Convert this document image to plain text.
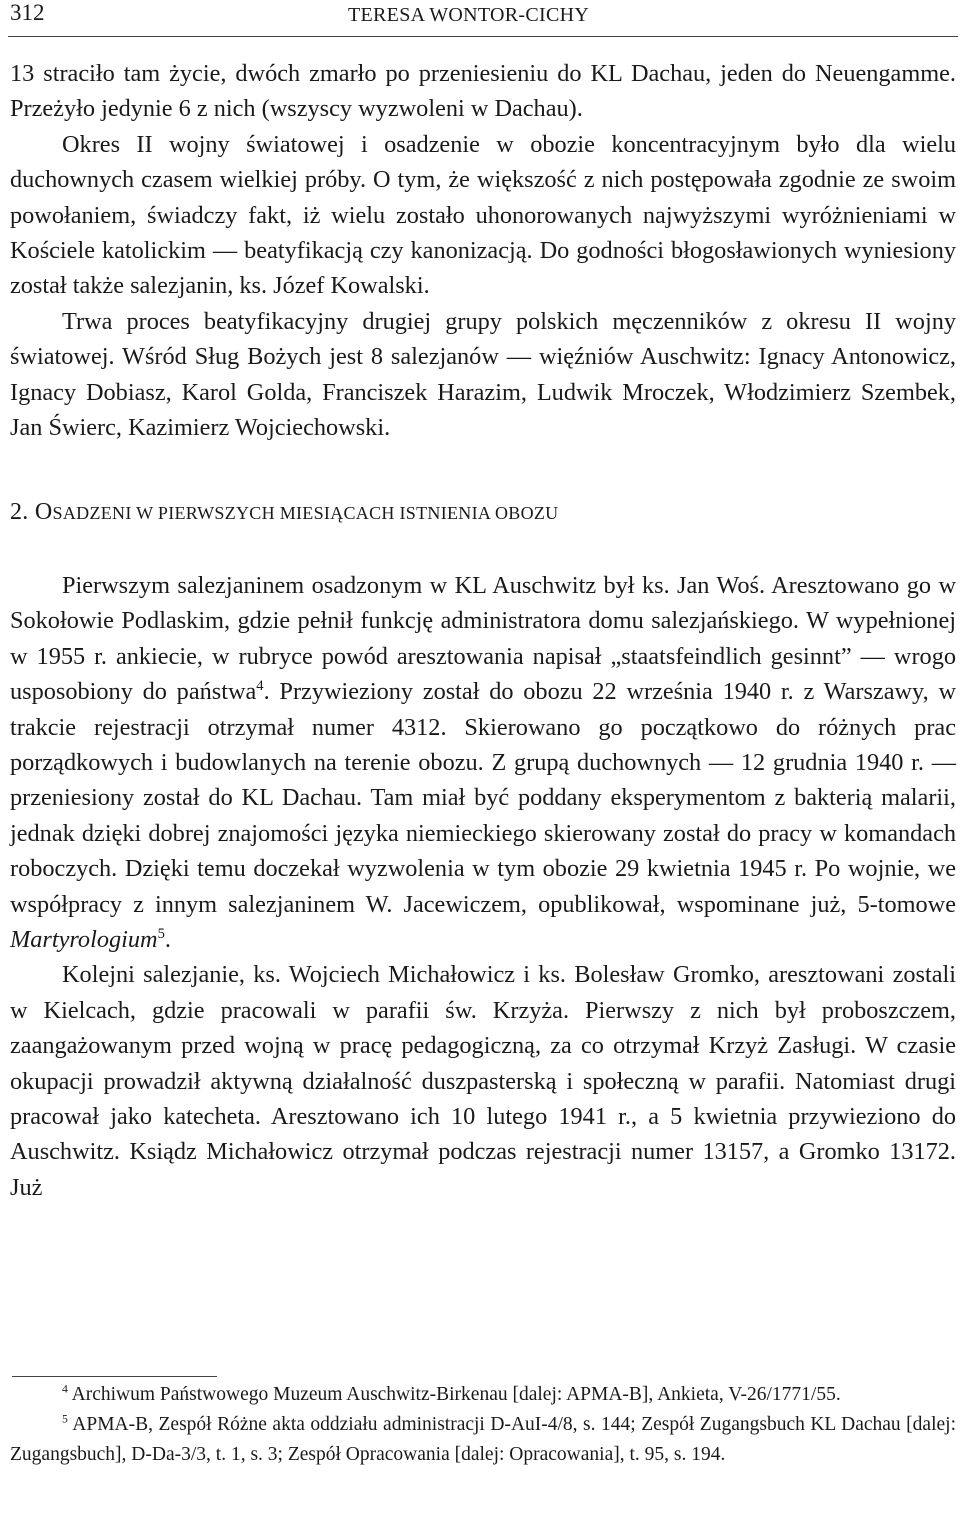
312	TERESA WONTOR-CICHY

13 straciło tam życie, dwóch zmarło po przeniesieniu do KL Dachau, jeden do Neuengamme. Przeżyło jedynie 6 z nich (wszyscy wyzwoleni w Dachau).

Okres II wojny światowej i osadzenie w obozie koncentracyjnym było dla wielu duchownych czasem wielkiej próby. O tym, że większość z nich postępowała zgodnie ze swoim powołaniem, świadczy fakt, iż wielu zostało uhonorowanych najwyższymi wyróżnieniami w Kościele katolickim — beatyfikacją czy kanonizacją. Do godności błogosławionych wyniesiony został także salezjanin, ks. Józef Kowalski.

Trwa proces beatyfikacyjny drugiej grupy polskich męczenników z okresu II wojny światowej. Wśród Sług Bożych jest 8 salezjanów — więźniów Auschwitz: Ignacy Antonowicz, Ignacy Dobiasz, Karol Golda, Franciszek Harazim, Ludwik Mroczek, Włodzimierz Szembek, Jan Świerc, Kazimierz Wojciechowski.

2. OSADZENI W PIERWSZYCH MIESIĄCACH ISTNIENIA OBOZU

Pierwszym salezjaninem osadzonym w KL Auschwitz był ks. Jan Woś. Aresztowano go w Sokołowie Podlaskim, gdzie pełnił funkcję administratora domu salezjańskiego. W wypełnionej w 1955 r. ankiecie, w rubryce powód aresztowania napisał „staatsfeindlich gesinnt” — wrogo usposobiony do państwa$^4$. Przywieziony został do obozu 22 września 1940 r. z Warszawy, w trakcie rejestracji otrzymał numer 4312. Skierowano go początkowo do różnych prac porządkowych i budowlanych na terenie obozu. Z grupą duchownych — 12 grudnia 1940 r. — przeniesiony został do KL Dachau. Tam miał być poddany eksperymentom z bakterią malarii, jednak dzięki dobrej znajomości języka niemieckiego skierowany został do pracy w komandach roboczych. Dzięki temu doczekał wyzwolenia w tym obozie 29 kwietnia 1945 r. Po wojnie, we współpracy z innym salezjaninem W. Jacewiczem, opublikował, wspominane już, 5-tomowe Martyrologium$^5$.

Kolejni salezjanie, ks. Wojciech Michałowicz i ks. Bolesław Gromko, aresztowani zostali w Kielcach, gdzie pracowali w parafii św. Krzyża. Pierwszy z nich był proboszczem, zaangażowanym przed wojną w pracę pedagogiczną, za co otrzymał Krzyż Zasługi. W czasie okupacji prowadził aktywną działalność duszpasterską i społeczną w parafii. Natomiast drugi pracował jako katecheta. Aresztowano ich 10 lutego 1941 r., a 5 kwietnia przywieziono do Auschwitz. Ksiądz Michałowicz otrzymał podczas rejestracji numer 13157, a Gromko 13172. Już

$^4$ Archiwum Państwowego Muzeum Auschwitz-Birkenau [dalej: APMA-B], Ankieta, V-26/1771/55.

$^5$ APMA-B, Zespół Różne akta oddziału administracji D-AuI-4/8, s. 144; Zespół Zugangsbuch KL Dachau [dalej: Zugangsbuch], D-Da-3/3, t. 1, s. 3; Zespół Opracowania [dalej: Opracowania], t. 95, s. 194.
